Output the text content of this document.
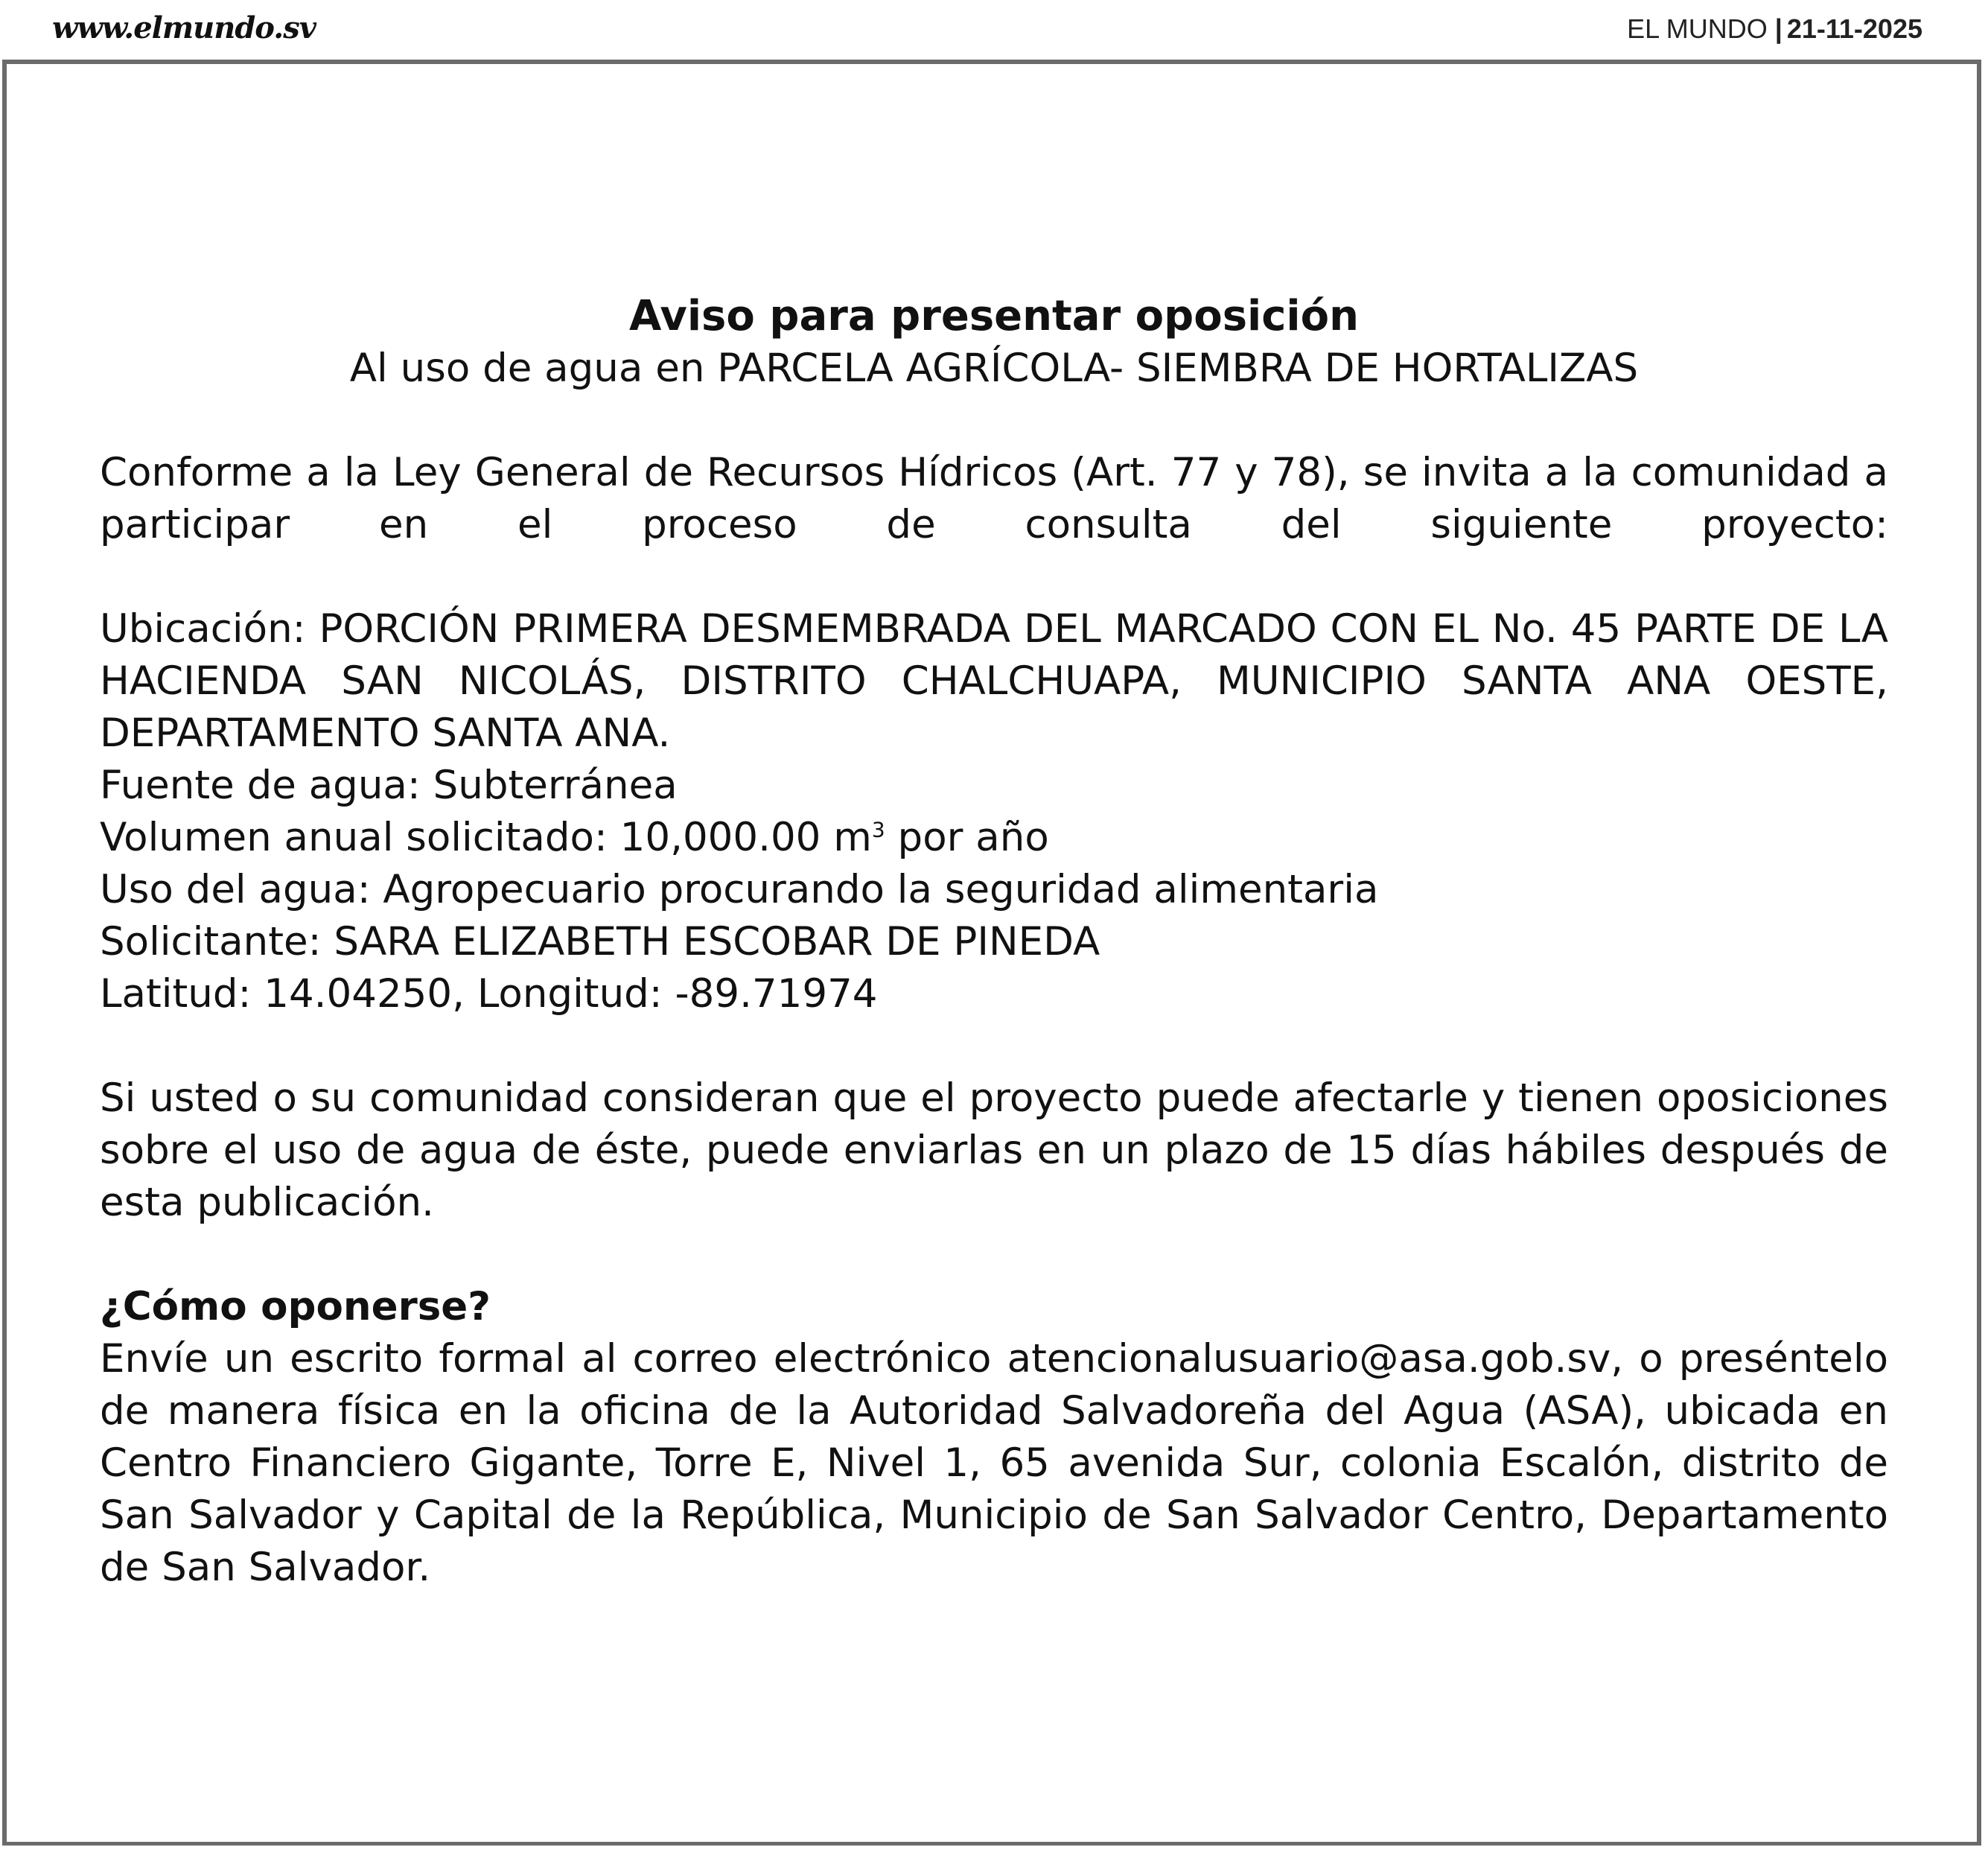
www.elmundo.sv	EL MUNDO | 21-11-2025

Aviso para presentar oposición

Al uso de agua en PARCELA AGRÍCOLA- SIEMBRA DE HORTALIZAS

Conforme a la Ley General de Recursos Hídricos (Art. 77 y 78), se invita a la comunidad a participar en el proceso de consulta del siguiente proyecto:

Ubicación: PORCIÓN PRIMERA DESMEMBRADA DEL MARCADO CON EL No. 45 PARTE DE LA HACIENDA SAN NICOLÁS, DISTRITO CHALCHUAPA, MUNICIPIO SANTA ANA OESTE, DEPARTAMENTO SANTA ANA.

Fuente de agua: Subterránea

Volumen anual solicitado: 10,000.00 $m^3$ por año

Uso del agua: Agropecuario procurando la seguridad alimentaria

Solicitante: SARA ELIZABETH ESCOBAR DE PINEDA

Latitud: 14.04250, Longitud: -89.71974

Si usted o su comunidad consideran que el proyecto puede afectarle y tienen oposiciones sobre el uso de agua de éste, puede enviarlas en un plazo de 15 días hábiles después de esta publicación.

¿Cómo oponerse?

Envíe un escrito formal al correo electrónico atencionalusuario@asa.gob.sv, o preséntelo de manera física en la oficina de la Autoridad Salvadoreña del Agua (ASA), ubicada en Centro Financiero Gigante, Torre E, Nivel 1, 65 avenida Sur, colonia Escalón, distrito de San Salvador y Capital de la República, Municipio de San Salvador Centro, Departamento de San Salvador.
